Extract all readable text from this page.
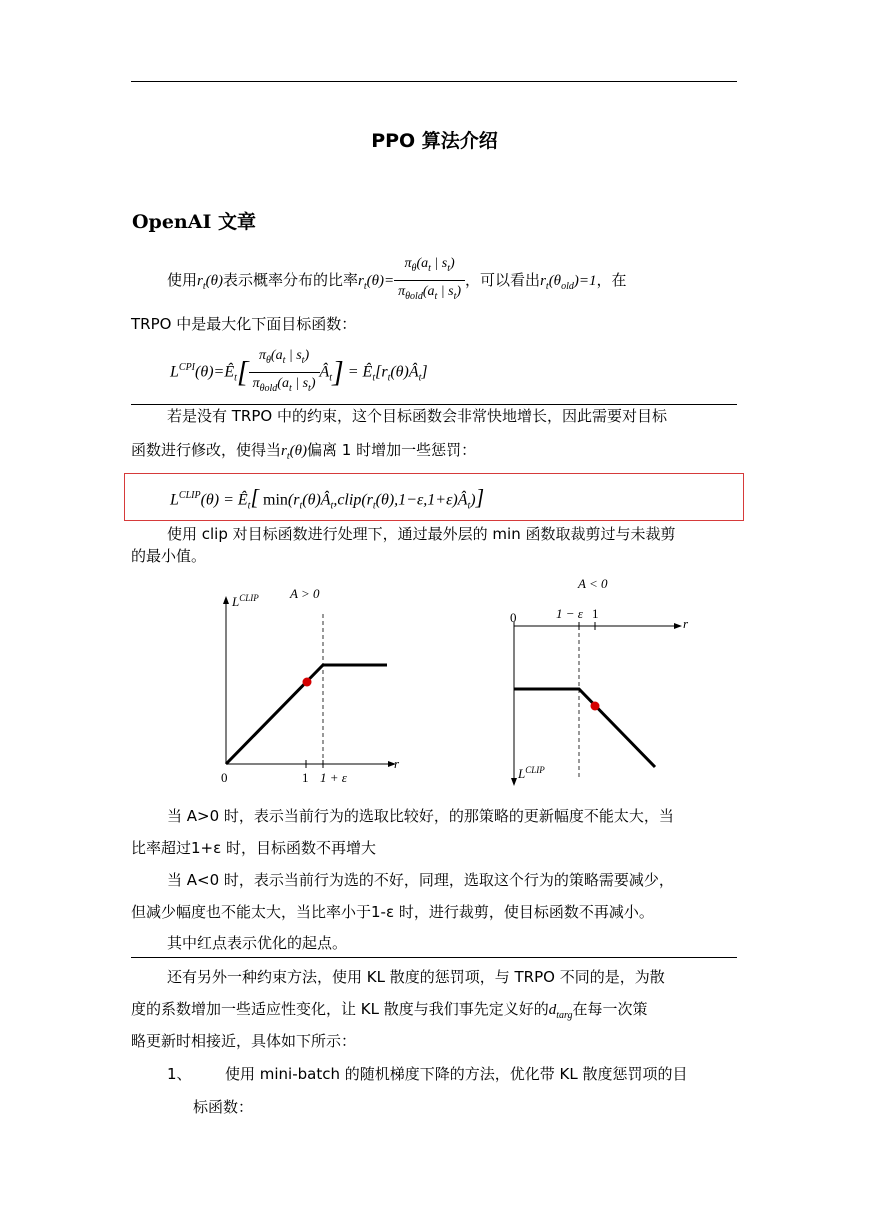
PPO 算法介绍
OpenAI 文章
使用$r_t(\theta)$表示概率分布的比率$r_t(\theta)= \frac{\pi_\theta(a_t | s_t)}{\pi_{\theta old}(a_t | s_t)}$ ，可以看出$r_t(\theta_{old})=1$，在
TRPO 中是最大化下面目标函数：
$L^{CPI}(\theta)=Ê_t[ \frac{\pi_\theta(a_t | s_t)}{\pi_{\theta old}(a_t | s_t)}$ $Â_t$] = $Ê_t[r_t(\theta)Â_t]$
若是没有 TRPO 中的约束，这个目标函数会非常快地增长，因此需要对目标
函数进行修改，使得当$r_t(\theta)$偏离 1 时增加一些惩罚：
$L^{CLIP}(\theta)$ = $Ê_t$[ $\min(r_t(\theta)Â_t,clip(r_t(\theta),1-\varepsilon,1+\varepsilon)Â_t)$]
使用 clip 对目标函数进行处理下，通过最外层的 min 函数取裁剪过与未裁剪
的最小值。
$L^{CLIP}$ A > 0
r
0	1 1 + ε
A < 0
r
0	1 − ε 1
$L^{CLIP}$
当 A>0 时，表示当前行为的选取比较好，的那策略的更新幅度不能太大，当
比率超过1+ε 时，目标函数不再增大
当 A<0 时，表示当前行为选的不好，同理，选取这个行为的策略需要减少，
但减少幅度也不能太大，当比率小于1-ε 时，进行裁剪，使目标函数不再减小。
其中红点表示优化的起点。
还有另外一种约束方法，使用 KL 散度的惩罚项，与 TRPO 不同的是，为散
度的系数增加一些适应性变化，让 KL 散度与我们事先定义好的$d_{targ}$在每一次策
略更新时相接近，具体如下所示：
1、 使用 mini-batch 的随机梯度下降的方法，优化带 KL 散度惩罚项的目
标函数：
